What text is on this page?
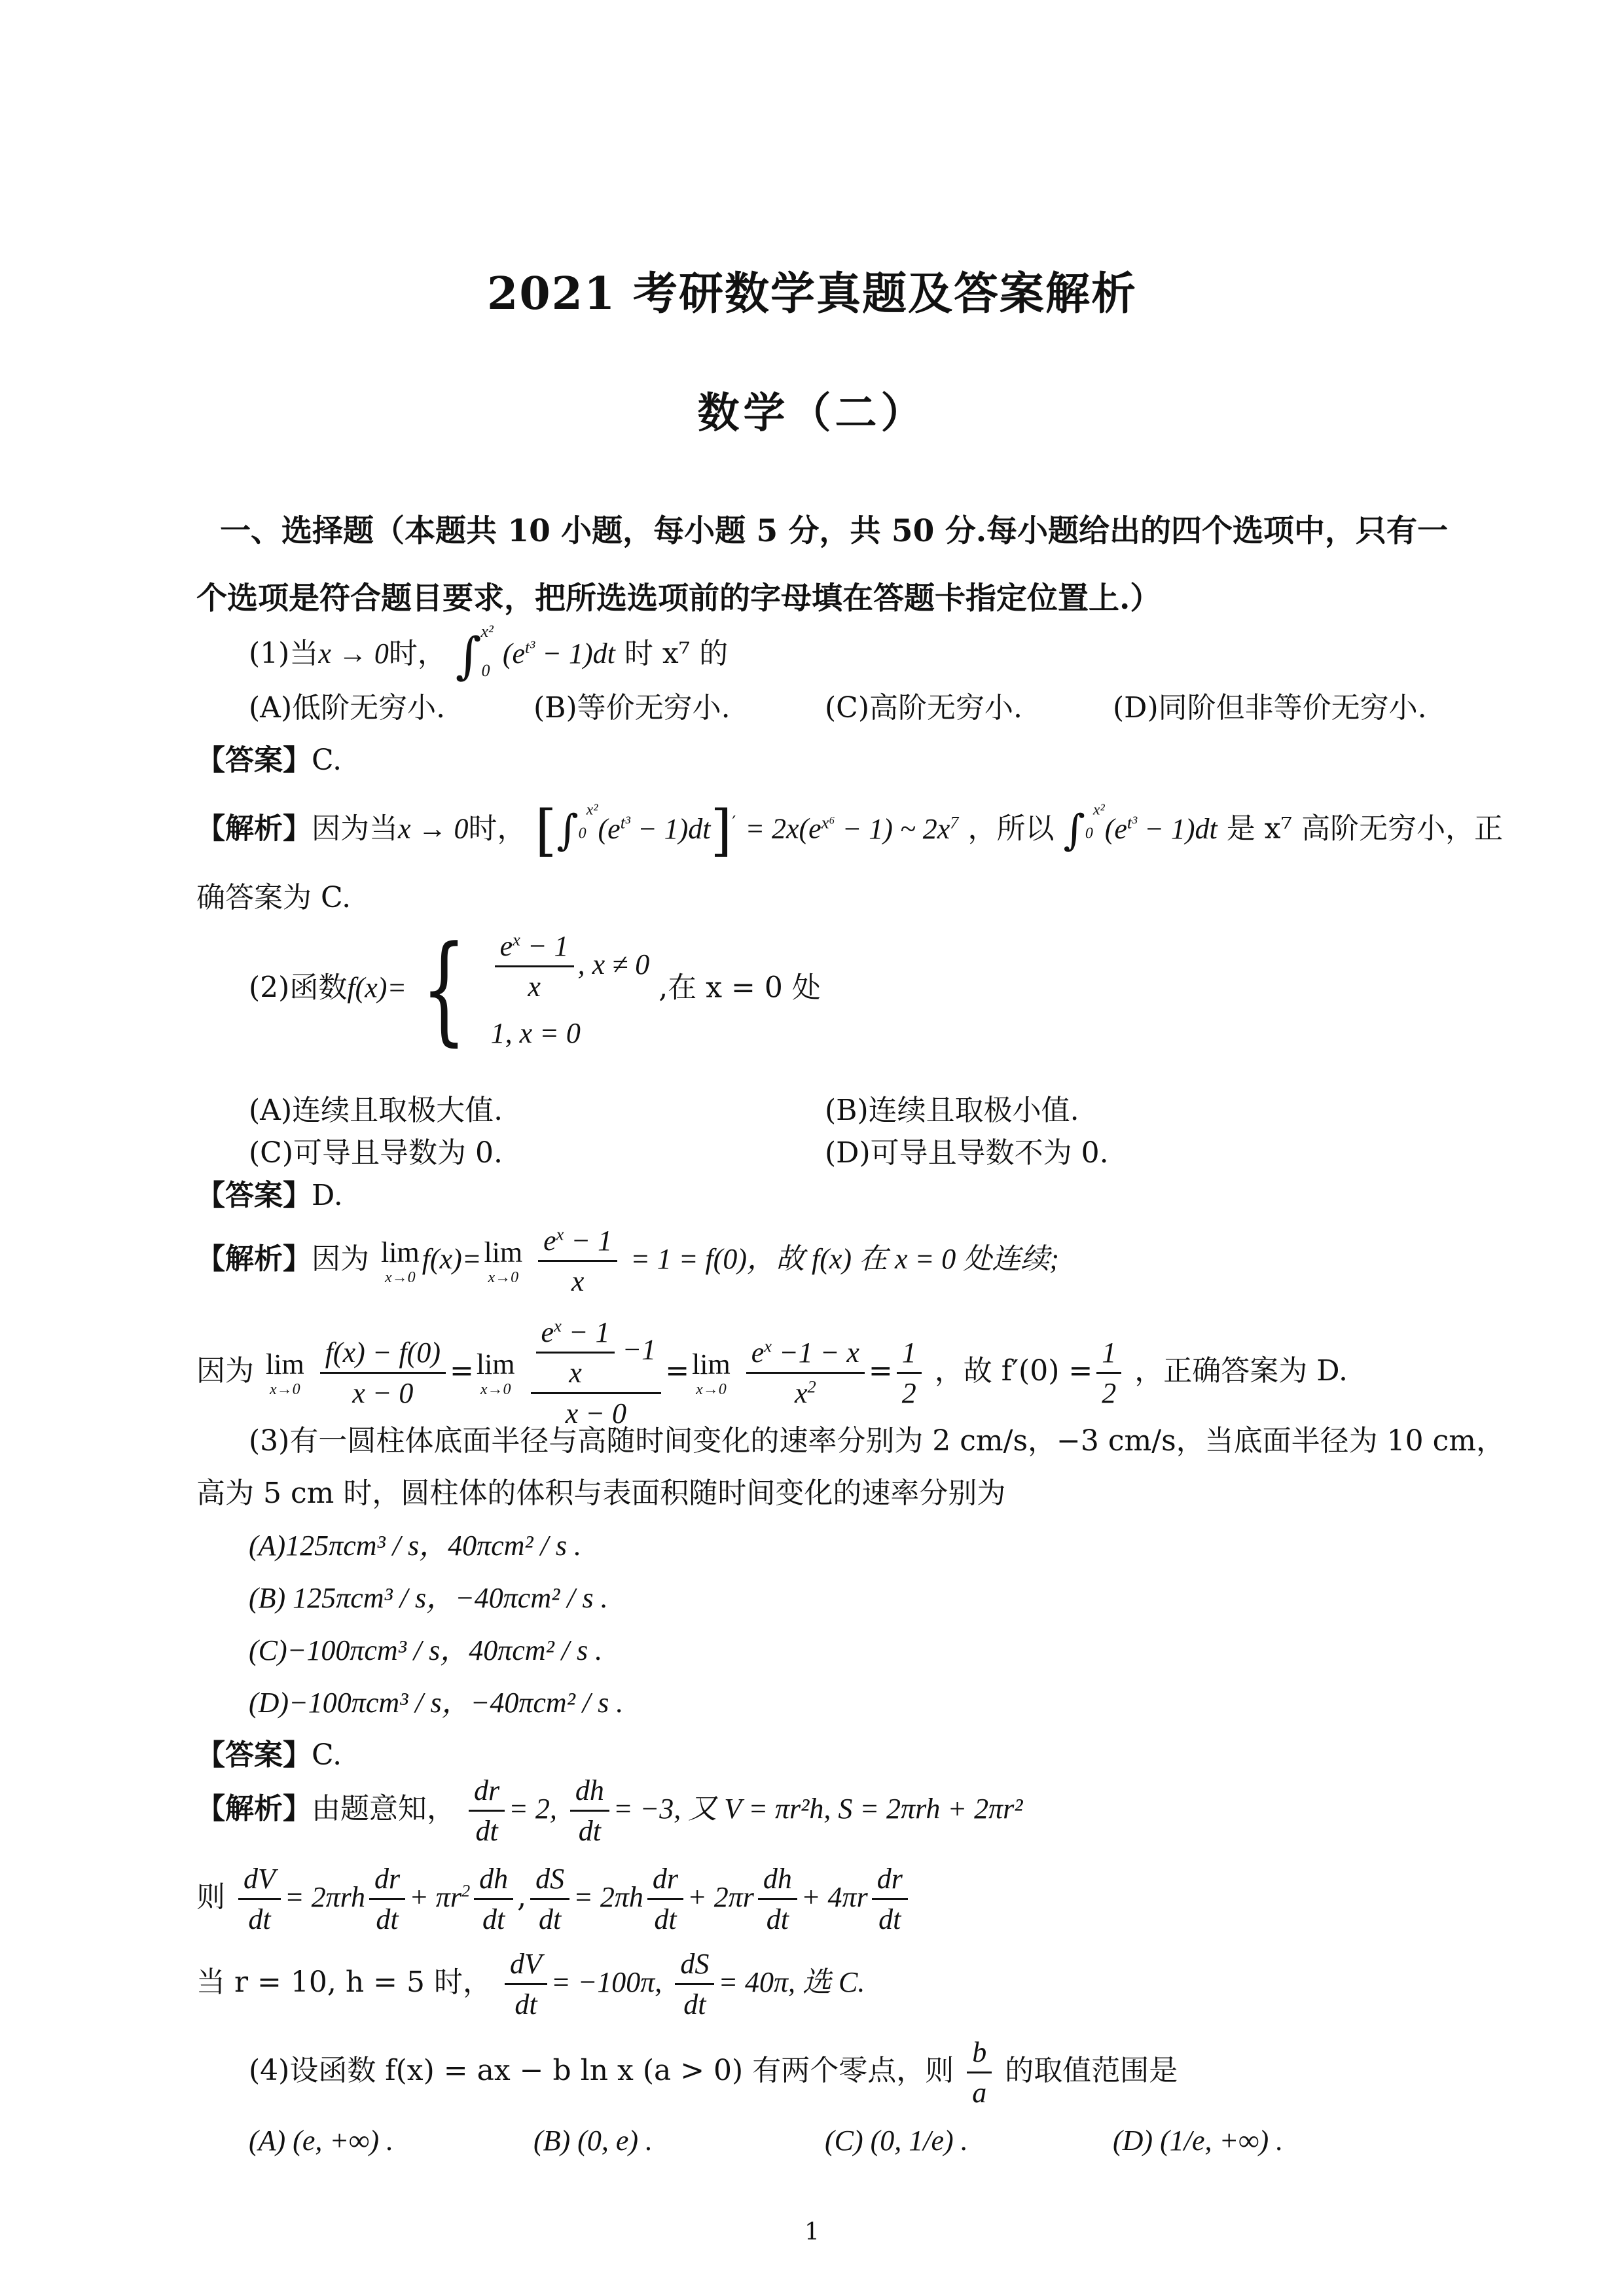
2021 考研数学真题及答案解析
数学（二）
一、选择题（本题共 10 小题，每小题 5 分，共 50 分.每小题给出的四个选项中，只有一个选项是符合题目要求，把所选选项前的字母填在答题卡指定位置上.）
(1)当x → 0时， $\int_0^{x^2}$ $(e^{t^3} - 1)dt$ 时 x⁷ 的
(A)低阶无穷小.	(B)等价无穷小.	(C)高阶无穷小.	(D)同阶但非等价无穷小.
【答案】C.
【解析】因为当x → 0时， $[\int 0^{x^2}(e^{t^3} - 1)dt]' = 2x(e^{x^6} - 1)$ ~ $2x^7$ ，所以 $\int 0^{x^2}(e^{t^3} - 1)dt$ 是 x⁷ 高阶无穷小，正
确答案为 C.
(2)函数f(x)= { $\frac{e^x - 1}{x}$ , x ≠ 0
1, x = 0
,在 x = 0 处
(A)连续且取极大值.	(B)连续且取极小值.
(C)可导且导数为 0.	(D)可导且导数不为 0.
【答案】D.
【解析】因为 lim
x→0
f(x)= lim
x→0
$\frac{e^x - 1}{x} = 1 = f(0)$，故 f(x) 在 x = 0 处连续;
因为 lim
x→0
$\frac{f(x) - f(0)}{x - 0} = \lim$
x→0
$\frac{\frac{e^x - 1}{x} -1}{x - 0} = \lim$
x→0
$\frac{e^x -1 - x}{x^2} = \frac{1}{2}$ ，故 $f'(0) = \frac{1}{2}$ ，正确答案为 D.
(3)有一圆柱体底面半径与高随时间变化的速率分别为 2 cm/s，−3 cm/s，当底面半径为 10 cm，
高为 5 cm 时，圆柱体的体积与表面积随时间变化的速率分别为
(A)125πcm³ / s，40πcm² / s .
(B) 125πcm³ / s，−40πcm² / s .
(C)−100πcm³ / s，40πcm² / s .
(D)−100πcm³ / s，−40πcm² / s .
【答案】C.
【解析】由题意知， $\frac{dr}{dt} = 2$, $\frac{dh}{dt} = -3$, 又 V = πr²h, S = 2πrh + 2πr²
则 $\frac{dV}{dt} = 2\pi rh \frac{dr}{dt} + \pi r^2 \frac{dh}{dt}$ , $\frac{dS}{dt} = 2\pi h \frac{dr}{dt} + 2\pi r \frac{dh}{dt} + 4\pi r \frac{dr}{dt}$
当 r = 10, h = 5 时， $\frac{dV}{dt} = -100\pi$, $\frac{dS}{dt} = 40\pi$, 选 C.
(4)设函数 f(x) = ax − b ln x (a > 0) 有两个零点，则 $\frac{b}{a}$ 的取值范围是
(A) (e, +∞) .	(B) (0, e) .	(C) (0, 1/e) .	(D) (1/e, +∞) .
1
